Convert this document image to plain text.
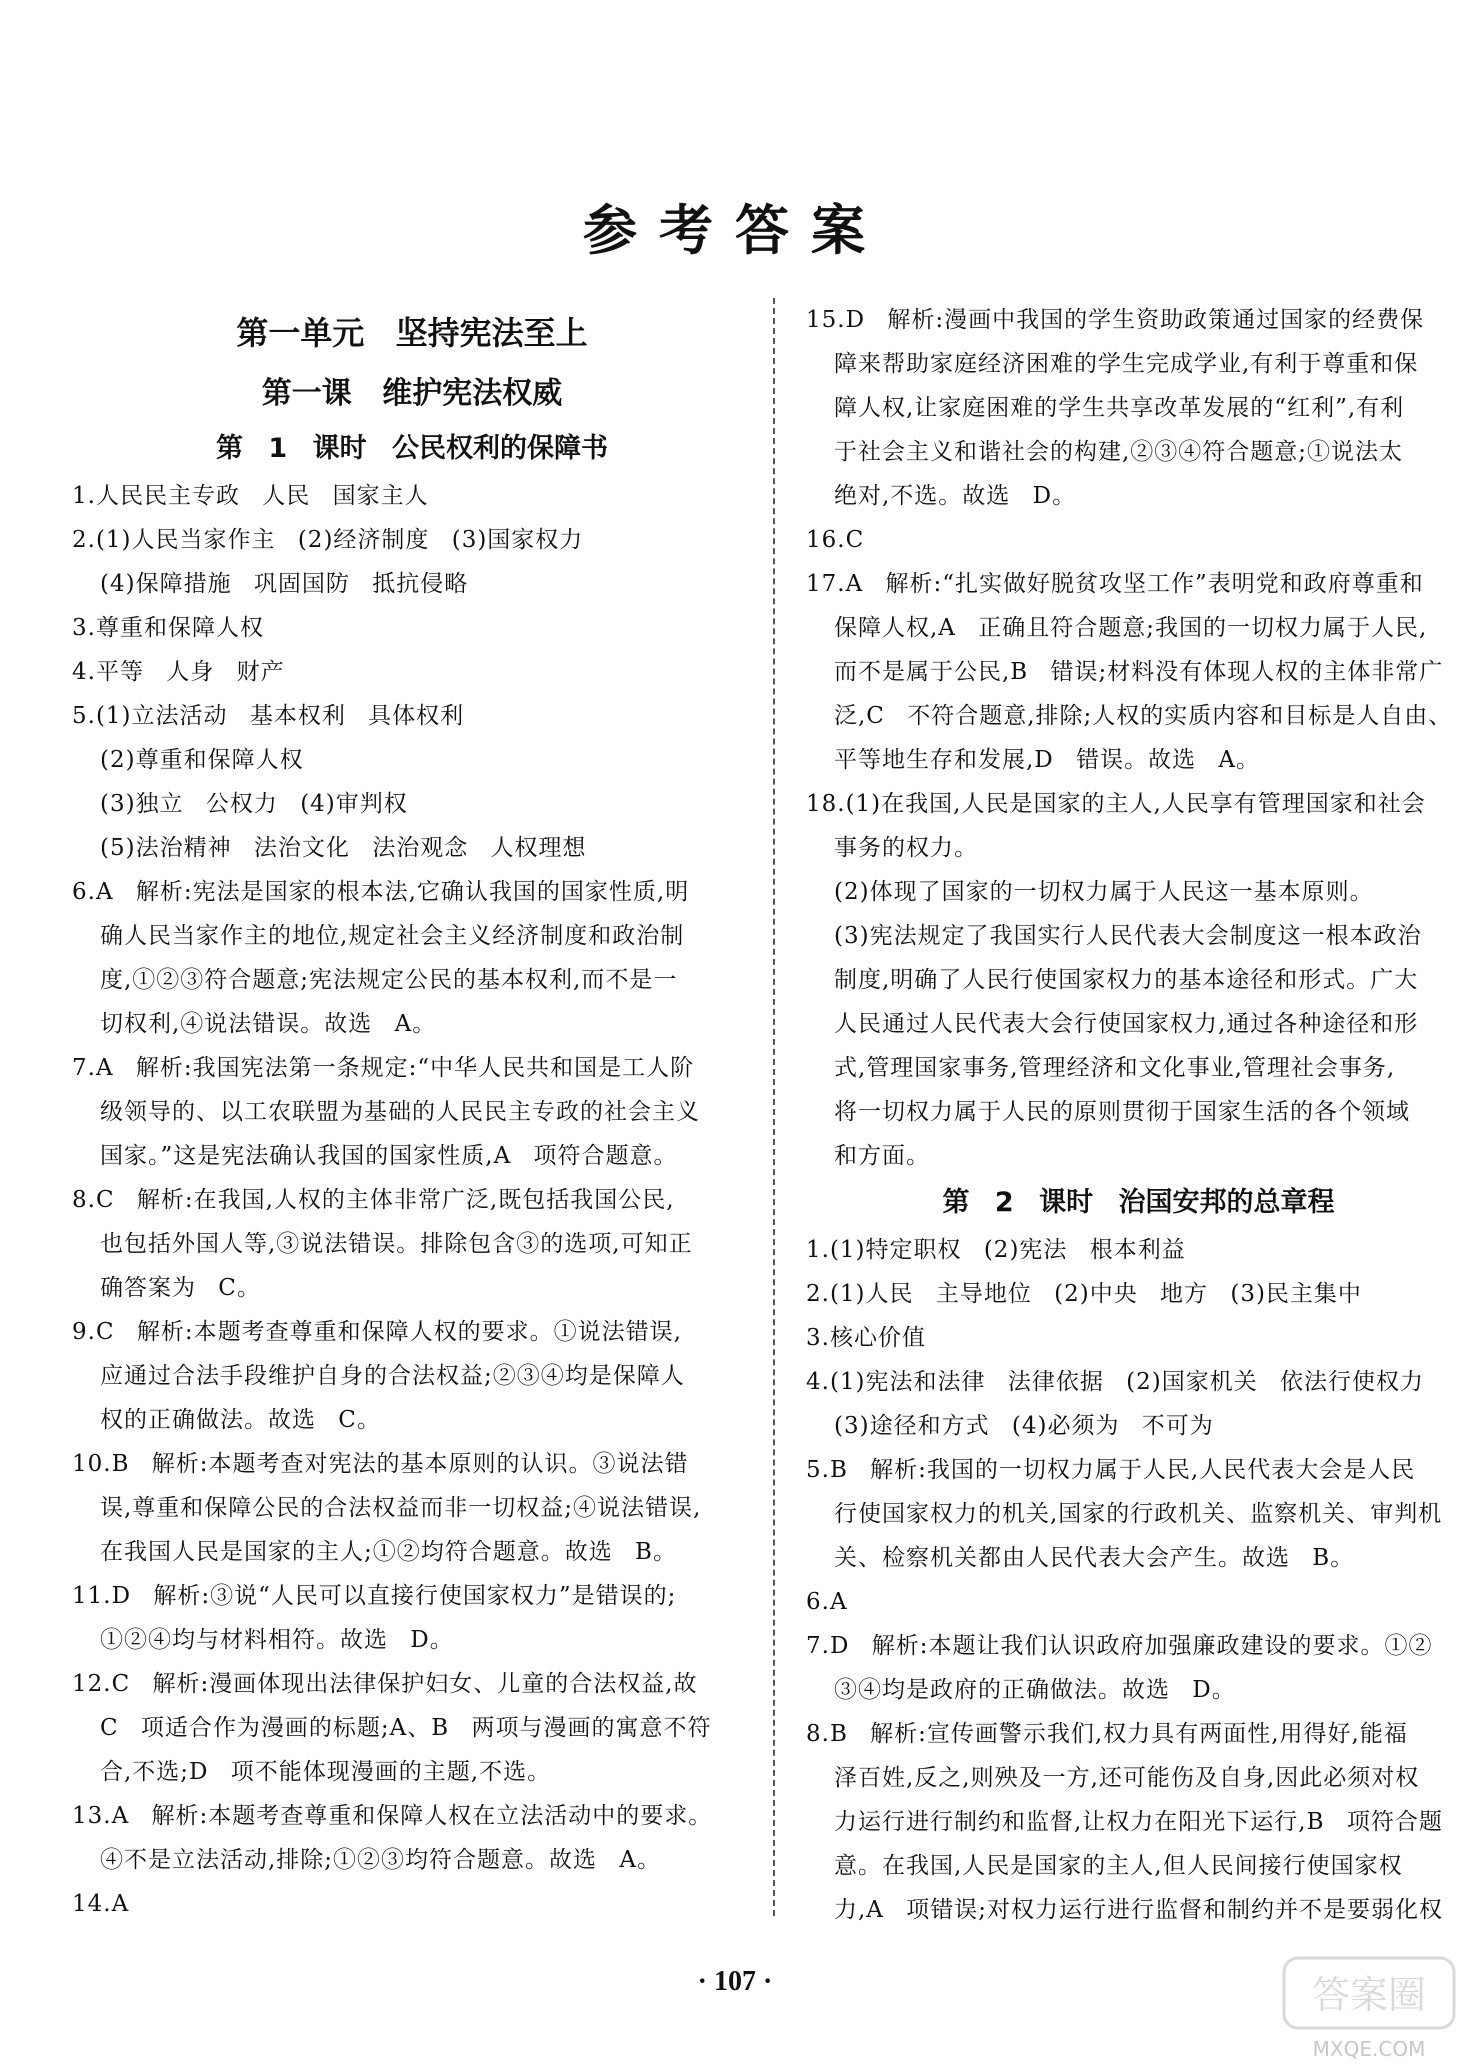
参考答案
第一单元 坚持宪法至上
第一课 维护宪法权威
第 1 课时 公民权利的保障书
1.人民民主专政 人民 国家主人
2.(1)人民当家作主 (2)经济制度 (3)国家权力
(4)保障措施 巩固国防 抵抗侵略
3.尊重和保障人权
4.平等 人身 财产
5.(1)立法活动 基本权利 具体权利
(2)尊重和保障人权
(3)独立 公权力 (4)审判权
(5)法治精神 法治文化 法治观念 人权理想
6.A 解析:宪法是国家的根本法,它确认我国的国家性质,明
确人民当家作主的地位,规定社会主义经济制度和政治制
度,①②③符合题意;宪法规定公民的基本权利,而不是一
切权利,④说法错误。故选 A。
7.A 解析:我国宪法第一条规定:“中华人民共和国是工人阶
级领导的、以工农联盟为基础的人民民主专政的社会主义
国家。”这是宪法确认我国的国家性质,A 项符合题意。
8.C 解析:在我国,人权的主体非常广泛,既包括我国公民,
也包括外国人等,③说法错误。排除包含③的选项,可知正
确答案为 C。
9.C 解析:本题考查尊重和保障人权的要求。①说法错误,
应通过合法手段维护自身的合法权益;②③④均是保障人
权的正确做法。故选 C。
10.B 解析:本题考查对宪法的基本原则的认识。③说法错
误,尊重和保障公民的合法权益而非一切权益;④说法错误,
在我国人民是国家的主人;①②均符合题意。故选 B。
11.D 解析:③说“人民可以直接行使国家权力”是错误的;
①②④均与材料相符。故选 D。
12.C 解析:漫画体现出法律保护妇女、儿童的合法权益,故
C 项适合作为漫画的标题;A、B 两项与漫画的寓意不符
合,不选;D 项不能体现漫画的主题,不选。
13.A 解析:本题考查尊重和保障人权在立法活动中的要求。
④不是立法活动,排除;①②③均符合题意。故选 A。
14.A
15.D 解析:漫画中我国的学生资助政策通过国家的经费保
障来帮助家庭经济困难的学生完成学业,有利于尊重和保
障人权,让家庭困难的学生共享改革发展的“红利”,有利
于社会主义和谐社会的构建,②③④符合题意;①说法太
绝对,不选。故选 D。
16.C
17.A 解析:“扎实做好脱贫攻坚工作”表明党和政府尊重和
保障人权,A 正确且符合题意;我国的一切权力属于人民,
而不是属于公民,B 错误;材料没有体现人权的主体非常广
泛,C 不符合题意,排除;人权的实质内容和目标是人自由、
平等地生存和发展,D 错误。故选 A。
18.(1)在我国,人民是国家的主人,人民享有管理国家和社会
事务的权力。
(2)体现了国家的一切权力属于人民这一基本原则。
(3)宪法规定了我国实行人民代表大会制度这一根本政治
制度,明确了人民行使国家权力的基本途径和形式。广大
人民通过人民代表大会行使国家权力,通过各种途径和形
式,管理国家事务,管理经济和文化事业,管理社会事务,
将一切权力属于人民的原则贯彻于国家生活的各个领域
和方面。
第 2 课时 治国安邦的总章程
1.(1)特定职权 (2)宪法 根本利益
2.(1)人民 主导地位 (2)中央 地方 (3)民主集中
3.核心价值
4.(1)宪法和法律 法律依据 (2)国家机关 依法行使权力
(3)途径和方式 (4)必须为 不可为
5.B 解析:我国的一切权力属于人民,人民代表大会是人民
行使国家权力的机关,国家的行政机关、监察机关、审判机
关、检察机关都由人民代表大会产生。故选 B。
6.A
7.D 解析:本题让我们认识政府加强廉政建设的要求。①②
③④均是政府的正确做法。故选 D。
8.B 解析:宣传画警示我们,权力具有两面性,用得好,能福
泽百姓,反之,则殃及一方,还可能伤及自身,因此必须对权
力运行进行制约和监督,让权力在阳光下运行,B 项符合题
意。在我国,人民是国家的主人,但人民间接行使国家权
力,A 项错误;对权力运行进行监督和制约并不是要弱化权
· 107 ·	答案圈
MXQE.COM
